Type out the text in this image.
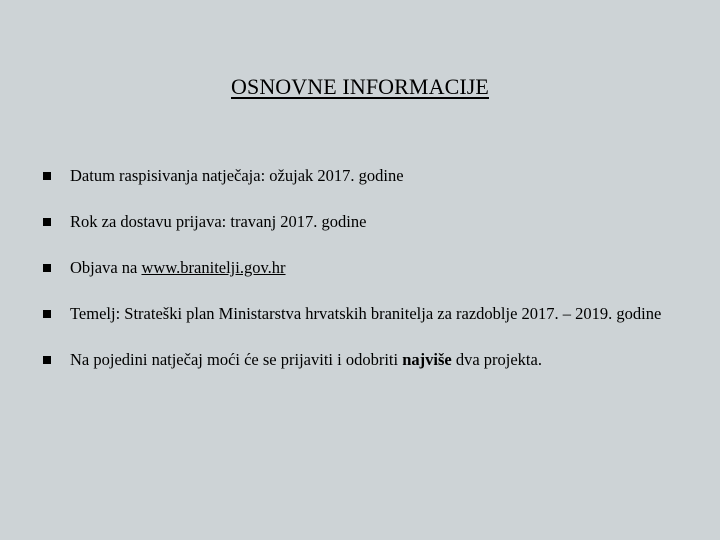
OSNOVNE INFORMACIJE
Datum raspisivanja natječaja: ožujak 2017. godine
Rok za dostavu prijava: travanj 2017. godine
Objava na www.branitelji.gov.hr
Temelj: Strateški plan Ministarstva hrvatskih branitelja za razdoblje 2017. – 2019. godine
Na pojedini natječaj moći će se prijaviti i odobriti najviše dva projekta.
